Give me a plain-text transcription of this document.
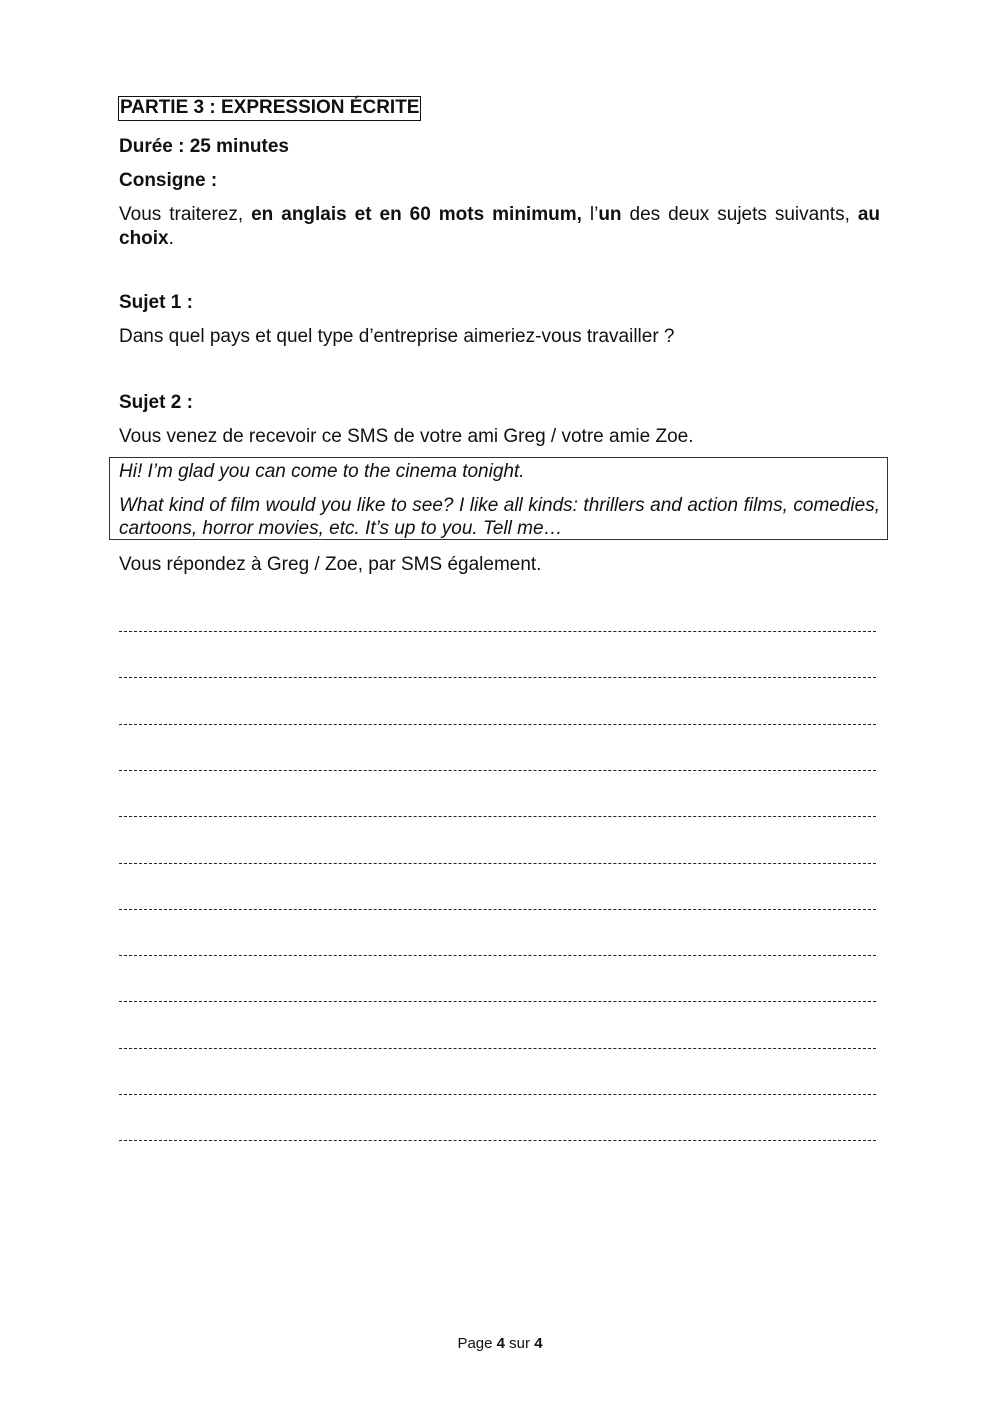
PARTIE 3 : EXPRESSION ÉCRITE
Durée : 25 minutes
Consigne :
Vous traiterez, en anglais et en 60 mots minimum, l’un des deux sujets suivants, au choix.
Sujet 1 :
Dans quel pays et quel type d’entreprise aimeriez-vous travailler ?
Sujet 2 :
Vous venez de recevoir ce SMS de votre ami Greg / votre amie Zoe.
Hi! I’m glad you can come to the cinema tonight.
What kind of film would you like to see? I like all kinds: thrillers and action films, comedies, cartoons, horror movies, etc. It’s up to you. Tell me…
Vous répondez à Greg / Zoe, par SMS également.
Page 4 sur 4
